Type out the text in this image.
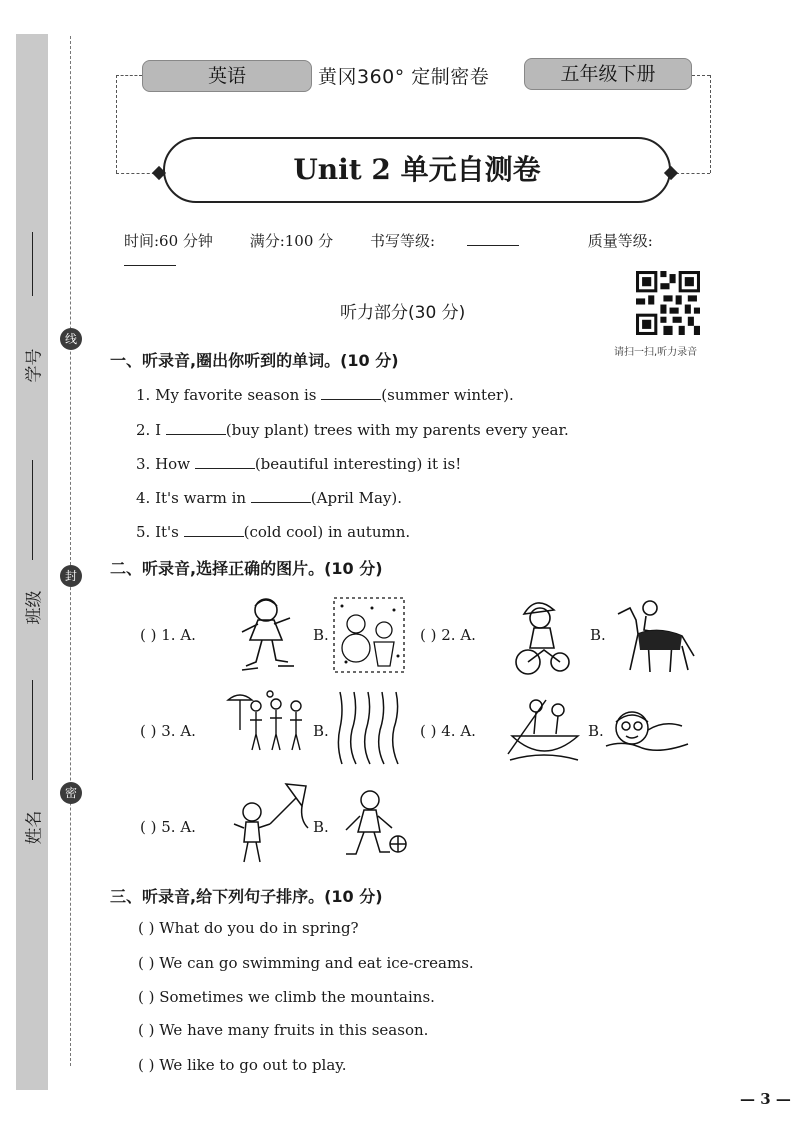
学号
班级
姓名
线
封
密
英语	黄冈360° 定制密卷	五年级下册
Unit 2 单元自测卷
时间:60 分钟 满分:100 分 书写等级:	质量等级:
听力部分(30 分)
请扫一扫,听力录音
一、听录音,圈出你听到的单词。(10 分)
1. My favorite season is	(summer winter).
2. I	(buy plant) trees with my parents every year.
3. How	(beautiful interesting) it is!
4. It's warm in	(April May).
5. It's	(cold cool) in autumn.
二、听录音,选择正确的图片。(10 分)
( ) 1. A.	B.	( ) 2. A.	B.
( ) 3. A.	B.	( ) 4. A.	B.
( ) 5. A.	B.
三、听录音,给下列句子排序。(10 分)
( ) What do you do in spring?
( ) We can go swimming and eat ice-creams.
( ) Sometimes we climb the mountains.
( ) We have many fruits in this season.
( ) We like to go out to play.
— 3 —
